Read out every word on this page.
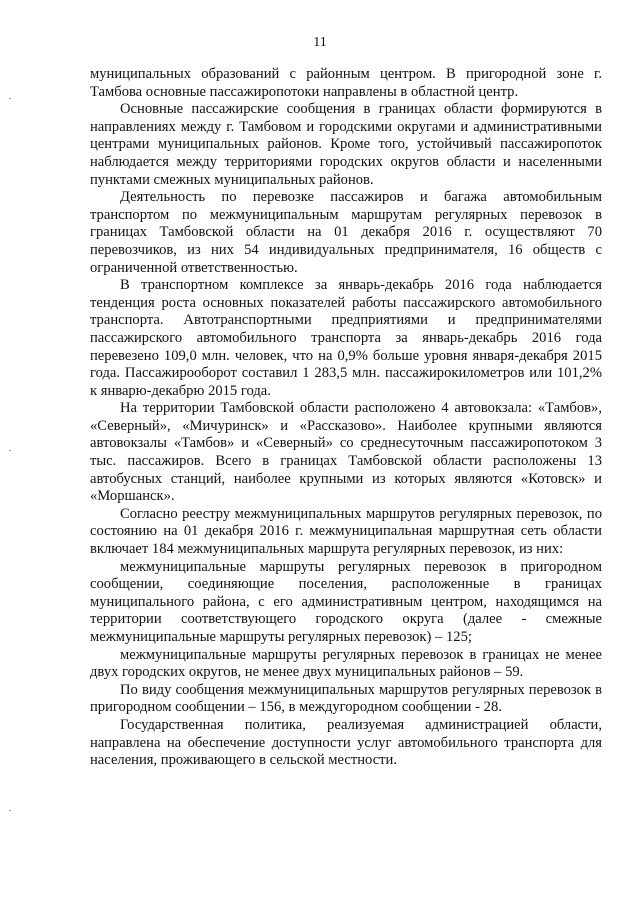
11

муниципальных образований с районным центром. В пригородной зоне г. Тамбова основные пассажиропотоки направлены в областной центр.

Основные пассажирские сообщения в границах области формируются в направлениях между г. Тамбовом и городскими округами и административными центрами муниципальных районов. Кроме того, устойчивый пассажиропоток наблюдается между территориями городских округов области и населенными пунктами смежных муниципальных районов.

Деятельность по перевозке пассажиров и багажа автомобильным транспортом по межмуниципальным маршрутам регулярных перевозок в границах Тамбовской области на 01 декабря 2016 г. осуществляют 70 перевозчиков, из них 54 индивидуальных предпринимателя, 16 обществ с ограниченной ответственностью.

В транспортном комплексе за январь-декабрь 2016 года наблюдается тенденция роста основных показателей работы пассажирского автомобильного транспорта. Автотранспортными предприятиями и предпринимателями пассажирского автомобильного транспорта за январь-декабрь 2016 года перевезено 109,0 млн. человек, что на 0,9% больше уровня января-декабря 2015 года. Пассажирооборот составил 1 283,5 млн. пассажирокилометров или 101,2% к январю-декабрю 2015 года.

На территории Тамбовской области расположено 4 автовокзала: «Тамбов», «Северный», «Мичуринск» и «Рассказово». Наиболее крупными являются автовокзалы «Тамбов» и «Северный» со среднесуточным пассажиропотоком 3 тыс. пассажиров. Всего в границах Тамбовской области расположены 13 автобусных станций, наиболее крупными из которых являются «Котовск» и «Моршанск».

Согласно реестру межмуниципальных маршрутов регулярных перевозок, по состоянию на 01 декабря 2016 г. межмуниципальная маршрутная сеть области включает 184 межмуниципальных маршрута регулярных перевозок, из них:

межмуниципальные маршруты регулярных перевозок в пригородном сообщении, соединяющие поселения, расположенные в границах муниципального района, с его административным центром, находящимся на территории соответствующего городского округа (далее - смежные межмуниципальные маршруты регулярных перевозок) – 125;

межмуниципальные маршруты регулярных перевозок в границах не менее двух городских округов, не менее двух муниципальных районов – 59.

По виду сообщения межмуниципальных маршрутов регулярных перевозок в пригородном сообщении – 156, в междугородном сообщении - 28.

Государственная политика, реализуемая администрацией области, направлена на обеспечение доступности услуг автомобильного транспорта для населения, проживающего в сельской местности.
